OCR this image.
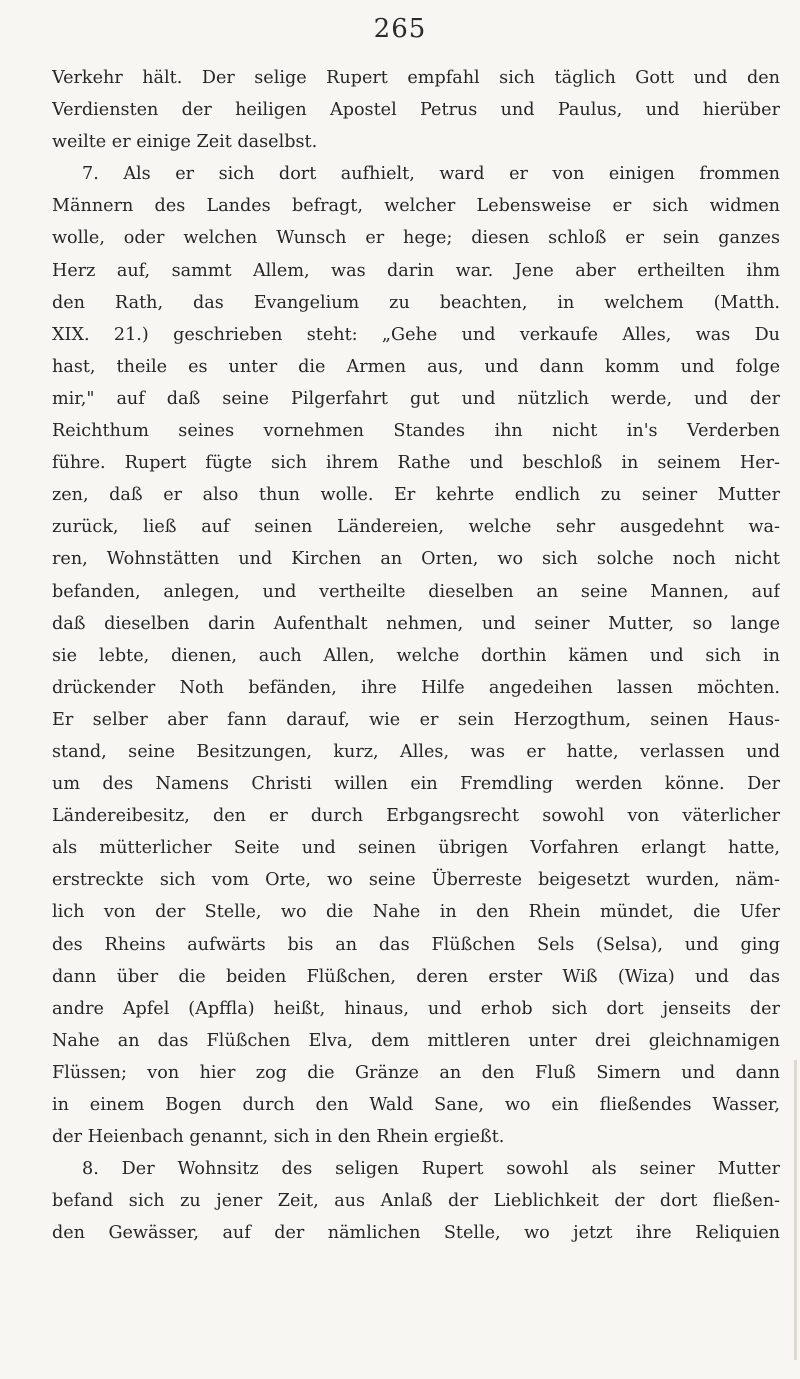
265
Verkehr hält. Der selige Rupert empfahl sich täglich Gott und den
Verdiensten der heiligen Apostel Petrus und Paulus, und hierüber
weilte er einige Zeit daselbst.
7. Als er sich dort aufhielt, ward er von einigen frommen
Männern des Landes befragt, welcher Lebensweise er sich widmen
wolle, oder welchen Wunsch er hege; diesen schloß er sein ganzes
Herz auf, sammt Allem, was darin war. Jene aber ertheilten ihm
den Rath, das Evangelium zu beachten, in welchem (Matth.
XIX. 21.) geschrieben steht: „Gehe und verkaufe Alles, was Du
hast, theile es unter die Armen aus, und dann komm und folge
mir," auf daß seine Pilgerfahrt gut und nützlich werde, und der
Reichthum seines vornehmen Standes ihn nicht in's Verderben
führe. Rupert fügte sich ihrem Rathe und beschloß in seinem Her-
zen, daß er also thun wolle. Er kehrte endlich zu seiner Mutter
zurück, ließ auf seinen Ländereien, welche sehr ausgedehnt wa-
ren, Wohnstätten und Kirchen an Orten, wo sich solche noch nicht
befanden, anlegen, und vertheilte dieselben an seine Mannen, auf
daß dieselben darin Aufenthalt nehmen, und seiner Mutter, so lange
sie lebte, dienen, auch Allen, welche dorthin kämen und sich in
drückender Noth befänden, ihre Hilfe angedeihen lassen möchten.
Er selber aber fann darauf, wie er sein Herzogthum, seinen Haus-
stand, seine Besitzungen, kurz, Alles, was er hatte, verlassen und
um des Namens Christi willen ein Fremdling werden könne. Der
Ländereibesitz, den er durch Erbgangsrecht sowohl von väterlicher
als mütterlicher Seite und seinen übrigen Vorfahren erlangt hatte,
erstreckte sich vom Orte, wo seine Überreste beigesetzt wurden, näm-
lich von der Stelle, wo die Nahe in den Rhein mündet, die Ufer
des Rheins aufwärts bis an das Flüßchen Sels (Selsa), und ging
dann über die beiden Flüßchen, deren erster Wiß (Wiza) und das
andre Apfel (Apffla) heißt, hinaus, und erhob sich dort jenseits der
Nahe an das Flüßchen Elva, dem mittleren unter drei gleichnamigen
Flüssen; von hier zog die Gränze an den Fluß Simern und dann
in einem Bogen durch den Wald Sane, wo ein fließendes Wasser,
der Heienbach genannt, sich in den Rhein ergießt.
8. Der Wohnsitz des seligen Rupert sowohl als seiner Mutter
befand sich zu jener Zeit, aus Anlaß der Lieblichkeit der dort fließen-
den Gewässer, auf der nämlichen Stelle, wo jetzt ihre Reliquien
